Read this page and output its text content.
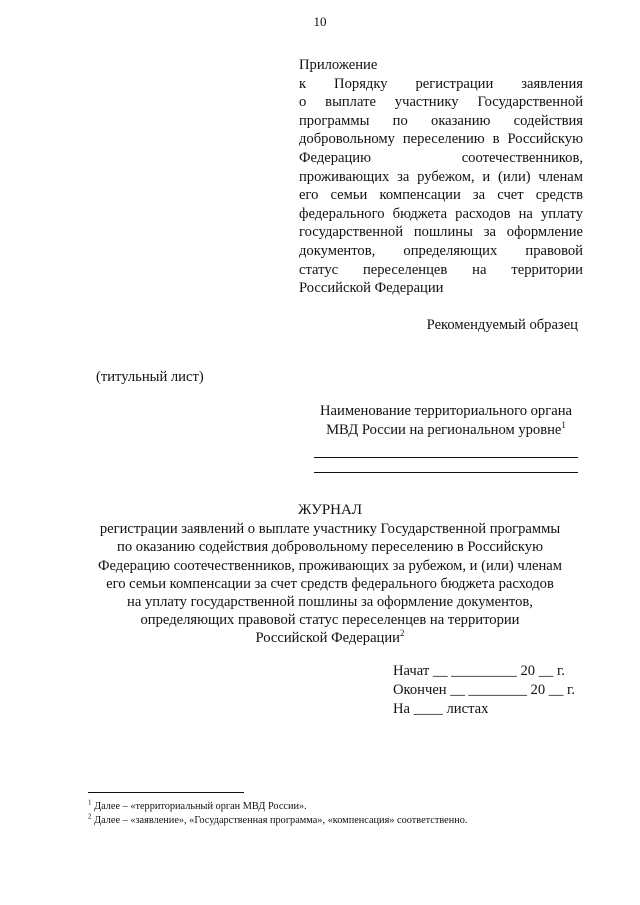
10
Приложение
к Порядку регистрации заявления
о выплате участнику Государственной
программы по оказанию содействия
добровольному переселению в Российскую
Федерацию соотечественников,
проживающих за рубежом, и (или) членам
его семьи компенсации за счет средств
федерального бюджета расходов на уплату
государственной пошлины за оформление
документов, определяющих правовой
статус переселенцев на территории
Российской Федерации
Рекомендуемый образец
(титульный лист)
Наименование территориального органа
МВД России на региональном уровне$^1$
ЖУРНАЛ
регистрации заявлений о выплате участнику Государственной программы
по оказанию содействия добровольному переселению в Российскую
Федерацию соотечественников, проживающих за рубежом, и (или) членам
его семьи компенсации за счет средств федерального бюджета расходов
на уплату государственной пошлины за оформление документов,
определяющих правовой статус переселенцев на территории
Российской Федерации$^2$
Начат __ _________ 20 __ г.
Окончен __ ________ 20 __ г.
На ____ листах
$^1$ Далее – «территориальный орган МВД России».
$^2$ Далее – «заявление», «Государственная программа», «компенсация» соответственно.
